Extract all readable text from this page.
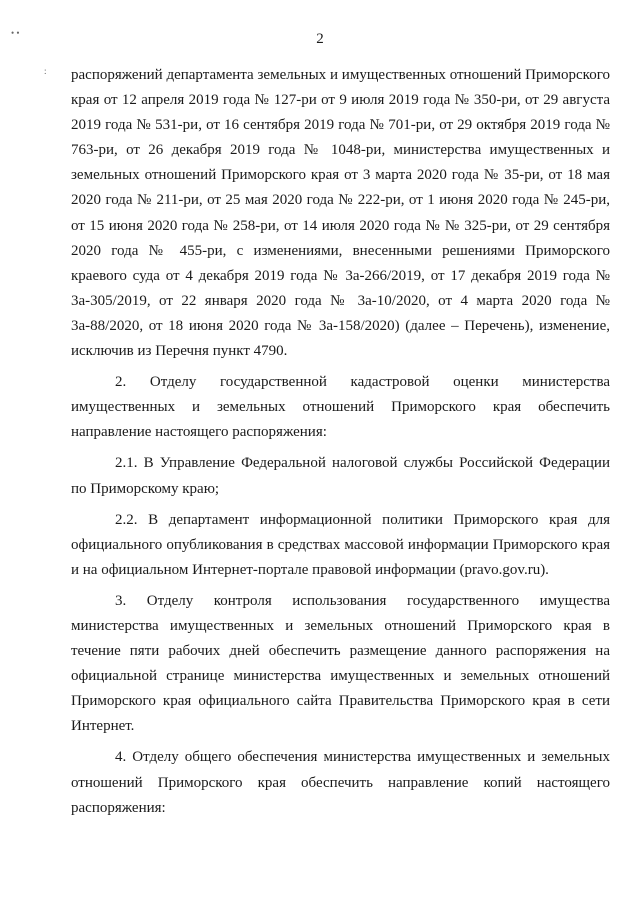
• •
:
2

распоряжений департамента земельных и имущественных отношений Приморского края от 12 апреля 2019 года № 127-ри от 9 июля 2019 года № 350-ри, от 29 августа 2019 года № 531-ри, от 16 сентября 2019 года № 701-ри, от 29 октября 2019 года № 763-ри, от 26 декабря 2019 года № 1048-ри, министерства имущественных и земельных отношений Приморского края от 3 марта 2020 года № 35-ри, от 18 мая 2020 года № 211-ри, от 25 мая 2020 года № 222-ри, от 1 июня 2020 года № 245-ри, от 15 июня 2020 года № 258-ри, от 14 июля 2020 года № № 325-ри, от 29 сентября 2020 года № 455-ри, с изменениями, внесенными решениями Приморского краевого суда от 4 декабря 2019 года № 3а-266/2019, от 17 декабря 2019 года № 3а-305/2019, от 22 января 2020 года № 3а-10/2020, от 4 марта 2020 года № 3а-88/2020, от 18 июня 2020 года № 3а-158/2020) (далее – Перечень), изменение, исключив из Перечня пункт 4790.

2. Отделу государственной кадастровой оценки министерства имущественных и земельных отношений Приморского края обеспечить направление настоящего распоряжения:

2.1. В Управление Федеральной налоговой службы Российской Федерации по Приморскому краю;

2.2. В департамент информационной политики Приморского края для официального опубликования в средствах массовой информации Приморского края и на официальном Интернет-портале правовой информации (pravo.gov.ru).

3. Отделу контроля использования государственного имущества министерства имущественных и земельных отношений Приморского края в течение пяти рабочих дней обеспечить размещение данного распоряжения на официальной странице министерства имущественных и земельных отношений Приморского края официального сайта Правительства Приморского края в сети Интернет.

4. Отделу общего обеспечения министерства имущественных и земельных отношений Приморского края обеспечить направление копий настоящего распоряжения:
